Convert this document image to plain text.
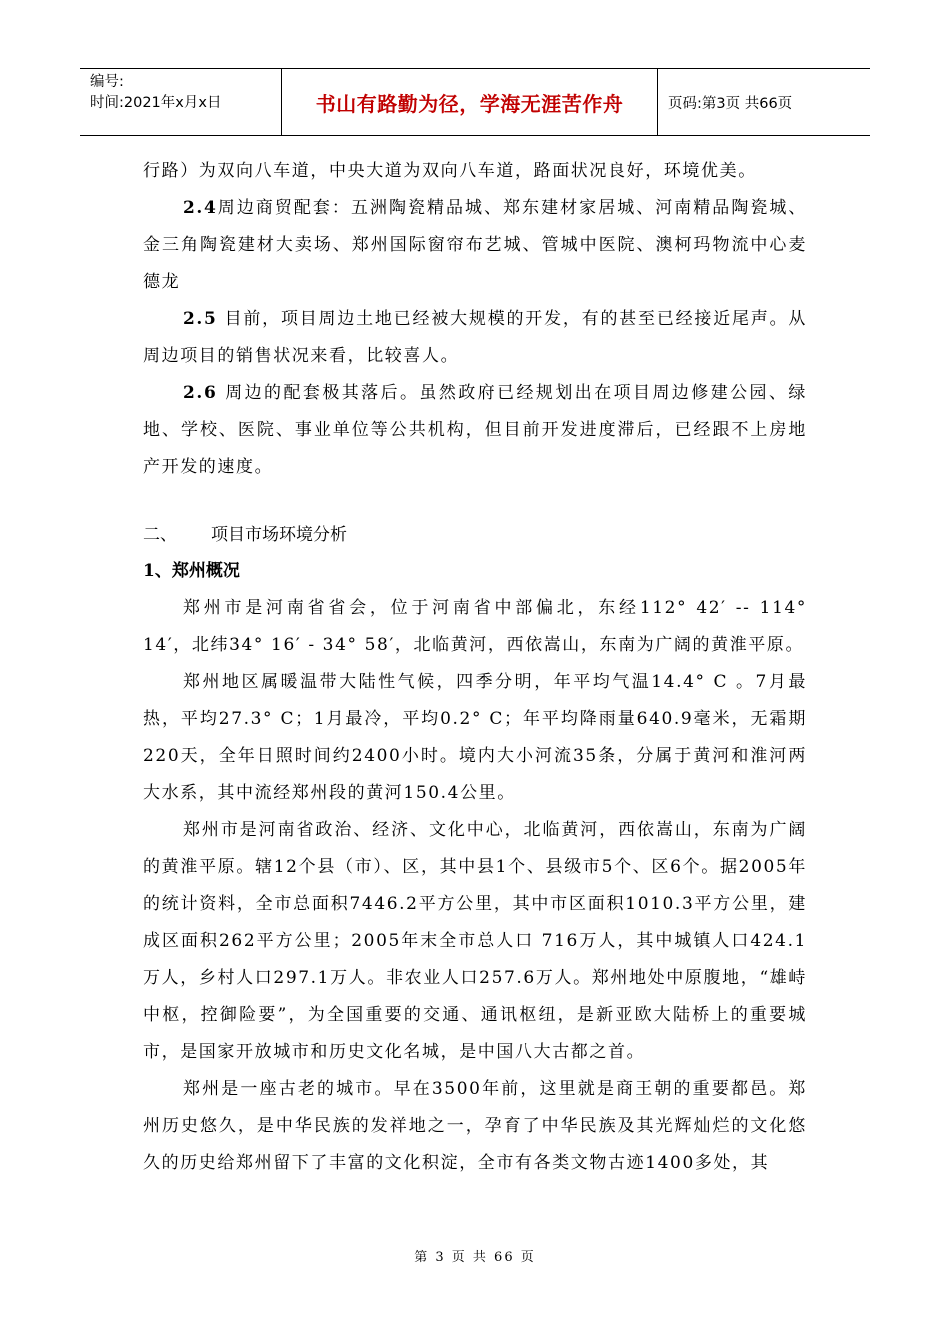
编号:
时间:2021年x月x日	书山有路勤为径，学海无涯苦作舟	页码:第3页 共66页

行路）为双向八车道，中央大道为双向八车道，路面状况良好，环境优美。

2.4周边商贸配套：五洲陶瓷精品城、郑东建材家居城、河南精品陶瓷城、金三角陶瓷建材大卖场、郑州国际窗帘布艺城、管城中医院、澳柯玛物流中心麦德龙

2.5 目前，项目周边土地已经被大规模的开发，有的甚至已经接近尾声。从周边项目的销售状况来看，比较喜人。

2.6 周边的配套极其落后。虽然政府已经规划出在项目周边修建公园、绿地、学校、医院、事业单位等公共机构，但目前开发进度滞后，已经跟不上房地产开发的速度。

二、	项目市场环境分析
1、郑州概况

郑州市是河南省省会，位于河南省中部偏北，东经112° 42′ -- 114° 14′，北纬34° 16′ - 34° 58′，北临黄河，西依嵩山，东南为广阔的黄淮平原。

郑州地区属暖温带大陆性气候，四季分明，年平均气温14.4° C 。7月最热，平均27.3° C；1月最冷，平均0.2° C；年平均降雨量640.9毫米，无霜期220天，全年日照时间约2400小时。境内大小河流35条，分属于黄河和淮河两大水系，其中流经郑州段的黄河150.4公里。

郑州市是河南省政治、经济、文化中心，北临黄河，西依嵩山，东南为广阔的黄淮平原。辖12个县（市）、区，其中县1个、县级市5个、区6个。据2005年的统计资料，全市总面积7446.2平方公里，其中市区面积1010.3平方公里，建成区面积262平方公里；2005年末全市总人口 716万人，其中城镇人口424.1万人，乡村人口297.1万人。非农业人口257.6万人。郑州地处中原腹地，“雄峙中枢，控御险要”，为全国重要的交通、通讯枢纽，是新亚欧大陆桥上的重要城市，是国家开放城市和历史文化名城，是中国八大古都之首。

郑州是一座古老的城市。早在3500年前，这里就是商王朝的重要都邑。郑州历史悠久，是中华民族的发祥地之一，孕育了中华民族及其光辉灿烂的文化悠久的历史给郑州留下了丰富的文化积淀，全市有各类文物古迹1400多处，其

第 3 页 共 66 页
